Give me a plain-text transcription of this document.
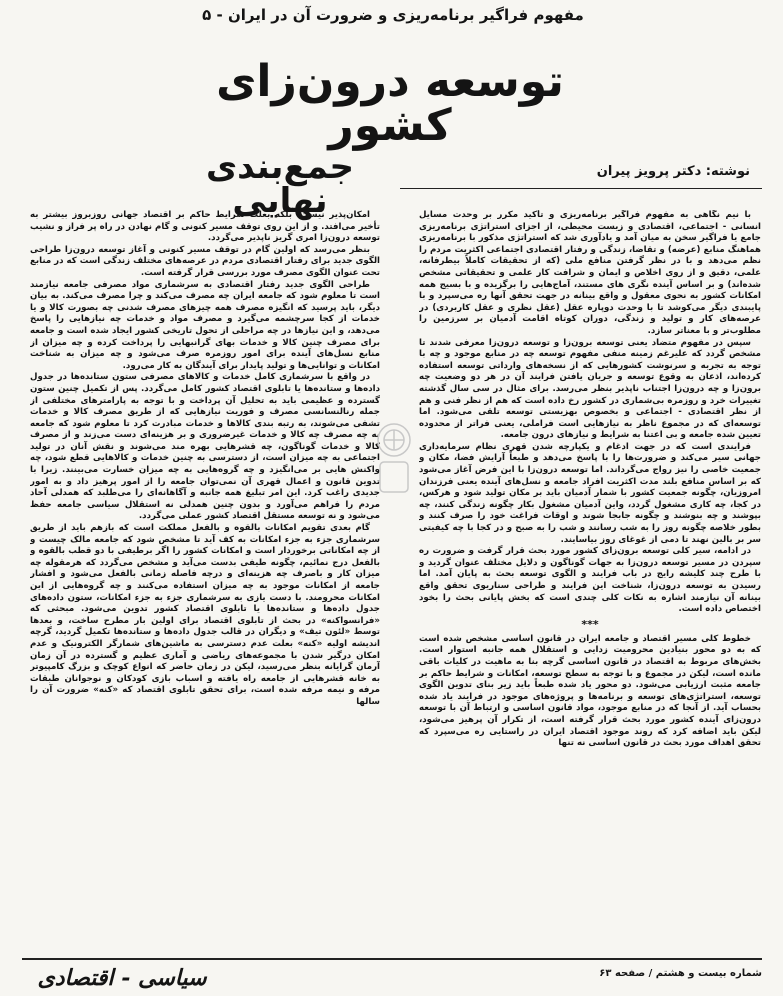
مفهوم فراگیر برنامه‌ریزی و ضرورت آن در ایران - ۵
توسعه درون‌زای کشور
جمع‌بندی نهایی
نوشته: دکتر پرویز پیران

با نیم نگاهی به مفهوم فراگیر برنامه‌ریزی و تأکید مکرر بر وحدت مسایل انسانی - اجتماعی، اقتصادی و زیست محیطی، از اجزای استراتژی برنامه‌ریزی جامع یا فراگیر سخن به میان آمد و یادآوری شد که استراتژی مذکور با برنامه‌ریزی هماهنگ منابع (عرضه) و تقاضا، زندگی و رفتار اقتصادی اجتماعی اکثریت مردم را نظم می‌دهد و با در نظر گرفتن منافع ملی (که از تحقیقات کاملاً بیطرفانه، علمی، دقیق و از روی اخلاص و ایمان و شرافت کار علمی و تحقیقاتی مشخص شده‌اند) و بر اساس آینده نگری های مستند، آماج‌هایی را برگزیده و با بسیج همه امکانات کشور به نحوی معقول و واقع بینانه در جهت تحقق آنها ره می‌سپرد و با پایبندی دیگر می‌کوشد تا با وحدت دوپاره عقل (عقل نظری و عقل کاربردی) در عرصه‌های کار و تولید و زندگی، دوران کوتاه اقامت آدمیان بر سرزمین را مطلوب‌تر و با معناتر سازد.

سپس در مفهوم متضاد یعنی توسعه برون‌زا و توسعه درون‌زا معرفی شدند تا مشخص گردد که علیرغم زمینه منفی مفهوم توسعه چه در منابع موجود و چه با توجه به تجربه و سرنوشت کشورهایی که از نسخه‌های وارداتی توسعه استفاده کرده‌اند، اذعان به وقوع توسعه و جریان یافتن فرایند آن در هر دو وضعیت چه برون‌زا و چه درون‌زا اجتناب ناپذیر بنظر می‌رسد. برای مثال در سی سال گذشته تغییرات خرد و روزمره بی‌شماری در کشور رخ داده است که هم از نظر فنی و هم از نظر اقتصادی - اجتماعی و بخصوص بهزیستی توسعه تلقی می‌شود. اما توسعه‌ای که در مجموع ناظر به نیازهایی است فراملی، یعنی فراتر از محدوده تعیین شده جامعه و بی اعتنا به شرایط و نیازهای درون جامعه.

فرایندی است که در جهت ادغام و یکپارچه شدن قهری نظام سرمایه‌داری جهانی سیر می‌کند و ضرورت‌ها را با پاسخ می‌دهد و طبعاً آرایش فضا، مکان و جمعیت خاصی را نیز رواج می‌گرداند. اما توسعه درون‌زا با این فرض آغاز می‌شود که بر اساس منافع بلند مدت اکثریت افراد جامعه و نسل‌های آینده یعنی فرزندان امروزیان، چگونه جمعیت کشور با شمار آدمیان باید بر مکان تولید شود و هرکس، در کجا، چه کاری مشغول گردد، واین آدمیان مشغول بکار چگونه زندگی کنند، چه بپوشند و چه بنوشند و چگونه جابجا شوند و اوقات فراغت خود را صرف کنند و بطور خلاصه چگونه روز را به شب رسانند و شب را به صبح و در کجا با چه کیفیتی سر بر بالین نهند تا دمی از غوغای روز بیاسایند.

در ادامه، سیر کلی توسعه برون‌زای کشور مورد بحث قرار گرفت و ضرورت ره سپردن در مسیر توسعه درون‌زا به جهات گوناگون و دلایل مختلف عنوان گردید و با طرح چند کلیشه رایج در باب فرایند و الگوی توسعه بحث به پایان آمد. اما رسیدن به توسعه درون‌زا، شناخت این فرایند و طراحی سناریوی تحقق واقع بینانه آن نیازمند اشاره به نکات کلی چندی است که بخش پایانی بحث را بخود اختصاص داده است.

***

خطوط کلی مسیر اقتصاد و جامعه ایران در قانون اساسی مشخص شده است که به دو محور بنیادین محرومیت زدایی و استقلال همه جانبه استوار است. بخش‌های مربوط به اقتصاد در قانون اساسی گرچه بنا به ماهیت در کلیات باقی مانده است، لیکن در مجموع و با توجه به سطح توسعه، امکانات و شرایط حاکم بر جامعه مثبت ارزیابی می‌شود. دو محور یاد شده طبعاً باید زیر بنای تدوین الگوی توسعه، استراتژی‌های توسعه و برنامه‌ها و پروژه‌های موجود در فرایند یاد شده بحساب آید. از آنجا که در منابع موجود، مواد قانون اساسی و ارتباط آن با توسعه درون‌زای آینده کشور مورد بحث قرار گرفته است، از تکرار آن پرهیز می‌شود، لیکن باید اضافه کرد که روند موجود اقتصاد ایران در راستایی ره می‌سپرد که تحقق اهداف مورد بحث در قانون اساسی نه تنها

امکان‌پذیر نیست، بلکه بعلت شرایط حاکم بر اقتصاد جهانی روزبروز بیشتر به تأخیر می‌افتد. و از این روی توقف مسیر کنونی و گام نهادن در راه پر فراز و نشیب توسعه درون‌زا امری گریز ناپذیر می‌گردد.

بنظر می‌رسد که اولین گام در توقف مسیر کنونی و آغاز توسعه درون‌زا طراحی الگوی جدید برای رفتار اقتصادی مردم در عرصه‌های مختلف زندگی است که در منابع تحت عنوان الگوی مصرف مورد بررسی قرار گرفته است.

طراحی الگوی جدید رفتار اقتصادی به سرشماری مواد مصرفی جامعه نیازمند است تا معلوم شود که جامعه ایران چه مصرف می‌کند و چرا مصرف می‌کند. به بیان دیگر، باید پرسید که انگیزه مصرف همه چیزهای مصرف شدنی چه بصورت کالا و یا خدمات از کجا سرچشمه می‌گیرد و مصرف مواد و خدمات چه نیازهایی را پاسخ می‌دهد، و این نیازها در چه مراحلی از تحول تاریخی کشور ایجاد شده است و جامعه برای مصرف چنین کالا و خدمات بهای گرانبهایی را پرداخت کرده و چه میزان از منابع نسل‌های آینده برای امور روزمره صرف می‌شود و چه میزان به شناخت امکانات و توانایی‌ها و تولید پایدار برای آیندگان به کار می‌رود.

در واقع با سرشماری کامل خدمات و کالاهای مصرفی ستون ستانده‌ها در جدول داده‌ها و ستانده‌ها یا تابلوی اقتصاد کشور کامل می‌گردد. پس از تکمیل چنین ستون گسترده و عظیمی باید به تحلیل آن پرداخت و با توجه به پارامترهای مختلفی از جمله رنالنسانسی مصرف و فوریت نیازهایی که از طریق مصرف کالا و خدمات تشفی می‌شوند، به رتبه بندی کالاها و خدمات مبادرت کرد تا معلوم شود که جامعه به چه مصرف چه کالا و خدمات غیرضروری و بر هزینه‌ای دست می‌زند و از مصرف کالا و خدمات گوناگون، چه قشرهایی بهره مند می‌شوند و نقش آنان در تولید اجتماعی به چه میزان است، از دسترسی به چنین خدمات و کالاهایی قطع شود، چه واکنش هایی بر می‌انگیزد و چه گروه‌هایی به چه میزان خسارت می‌بینند. زیرا با تدوین قانون و اعمال قهری آن نمی‌توان جامعه را از امور پرهیز داد و به امور جدیدی راغب کرد. این امر تبلیغ همه جانبه و آگاهانه‌ای را می‌طلبد که همدلی آحاد مردم را فراهم می‌آورد و بدون چنین همدلی نه استقلال سیاسی جامعه حفظ می‌شود و نه توسعه مستقل اقتصاد کشور عملی می‌گردد.

گام بعدی تقویم امکانات بالقوه و بالفعل مملکت است که بازهم باید از طریق سرشماری جزء به جزء امکانات به کف آید تا مشخص شود که جامعه مالک چیست و از چه امکاناتی برخوردار است و امکانات کشور را اگر برطیفی با دو قطب بالقوه و بالفعل درج نمائیم، چگونه طیفی بدست می‌آید و مشخص می‌گردد که هرمقوله چه میزان کار و باصرف چه هزینه‌ای و درچه فاصله زمانی بالفعل می‌شود و افشار جامعه از امکانات موجود به چه میزان استفاده می‌کنند و چه گروه‌هایی از این امکانات محرومند. با دست یازی به سرشماری جزء به جزء امکانات، ستون داده‌های جدول داده‌ها و ستانده‌ها یا تابلوی اقتصاد کشور تدوین می‌شود. مبحثی که «فرانسواکنه» در بحث از تابلوی اقتصاد برای اولین بار مطرح ساخت، و بعدها توسط «لئون تیف» و دیگران در قالب جدول داده‌ها و ستانده‌ها تکمیل گردید، گرچه اندیشه اولیه «کنه» بعلت عدم دسترسی به ماشین‌های شمارگر الکترونیک و عدم امکان درگیر شدن با مجموعه‌های ریاضی و آماری عظیم و گسترده در آن زمان آرمان گرایانه بنظر می‌رسید، لیکن در زمان حاضر که انواع کوچک و بزرگ کامپیوتر به خانه قشرهایی از جامعه راه یافته و اسباب بازی کودکان و نوجوانان طبقات مرفه و نیمه مرفه شده است، برای تحقق تابلوی اقتصاد که «کنه» ضرورت آن را سالها

سیاسی - اقتصادی	شماره بیست و هشتم / صفحه ۶۳
